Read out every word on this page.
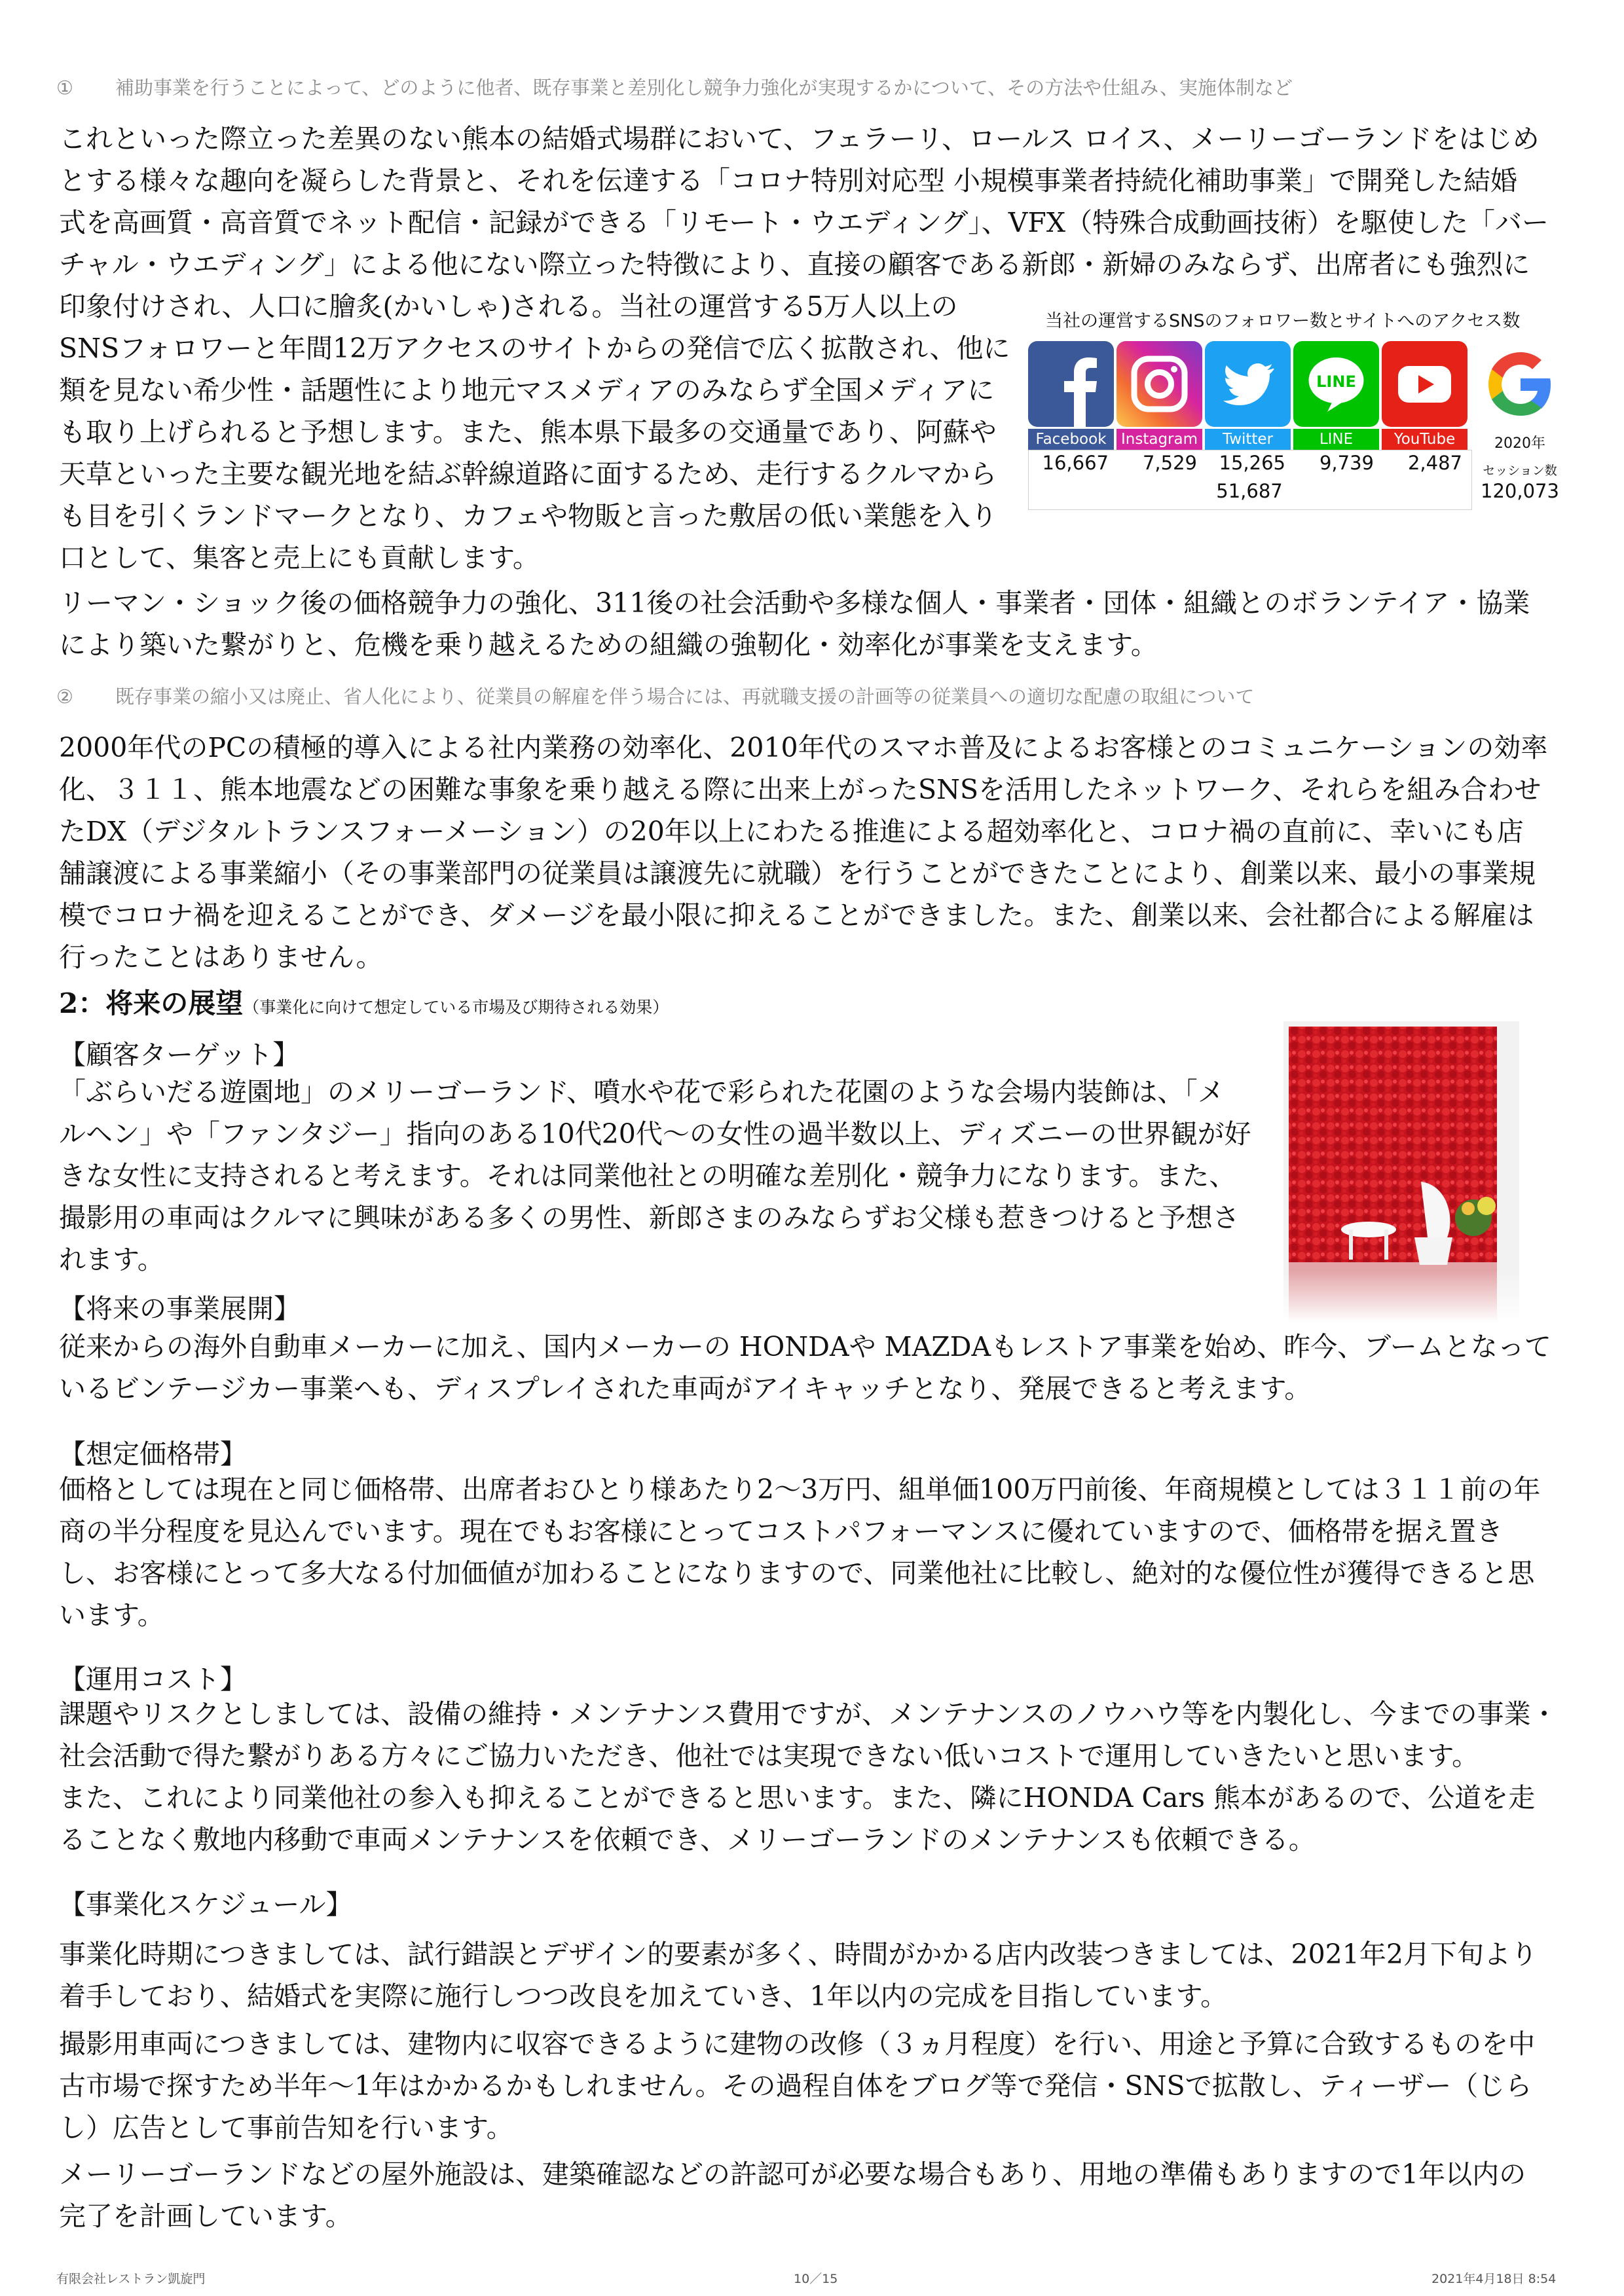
① 補助事業を行うことによって、どのように他者、既存事業と差別化し競争力強化が実現するかについて、その方法や仕組み、実施体制など
これといった際立った差異のない熊本の結婚式場群において、フェラーリ、ロールス ロイス、メーリーゴーランドをはじめ
とする様々な趣向を凝らした背景と、それを伝達する「コロナ特別対応型 小規模事業者持続化補助事業」で開発した結婚
式を高画質・高音質でネット配信・記録ができる「リモート・ウエディング」、VFX（特殊合成動画技術）を駆使した「バー
チャル・ウエディング」による他にない際立った特徴により、直接の顧客である新郎・新婦のみならず、出席者にも強烈に
印象付けされ、人口に膾炙(かいしゃ)される。当社の運営する5万人以上の
SNSフォロワーと年間12万アクセスのサイトからの発信で広く拡散され、他に
類を見ない希少性・話題性により地元マスメディアのみならず全国メディアに
も取り上げられると予想します。また、熊本県下最多の交通量であり、阿蘇や
天草といった主要な観光地を結ぶ幹線道路に面するため、走行するクルマから
も目を引くランドマークとなり、カフェや物販と言った敷居の低い業態を入り
口として、集客と売上にも貢献します。
当社の運営するSNSのフォロワー数とサイトへのアクセス数
Facebook
16,667
Instagram
7,529
Twitter
15,265
LINE
LINE
9,739
YouTube
2,487
2020年
セッション数
120,073
51,687
リーマン・ショック後の価格競争力の強化、311後の社会活動や多様な個人・事業者・団体・組織とのボランテイア・協業
により築いた繋がりと、危機を乗り越えるための組織の強靭化・効率化が事業を支えます。
② 既存事業の縮小又は廃止、省人化により、従業員の解雇を伴う場合には、再就職支援の計画等の従業員への適切な配慮の取組について
2000年代のPCの積極的導入による社内業務の効率化、2010年代のスマホ普及によるお客様とのコミュニケーションの効率
化、３１１、熊本地震などの困難な事象を乗り越える際に出来上がったSNSを活用したネットワーク、それらを組み合わせ
たDX（デジタルトランスフォーメーション）の20年以上にわたる推進による超効率化と、コロナ禍の直前に、幸いにも店
舗譲渡による事業縮小（その事業部門の従業員は譲渡先に就職）を行うことができたことにより、創業以来、最小の事業規
模でコロナ禍を迎えることができ、ダメージを最小限に抑えることができました。また、創業以来、会社都合による解雇は
行ったことはありません。
2：将来の展望（事業化に向けて想定している市場及び期待される効果）
【顧客ターゲット】
「ぶらいだる遊園地」のメリーゴーランド、噴水や花で彩られた花園のような会場内装飾は、「メ
ルヘン」や「ファンタジー」指向のある10代20代〜の女性の過半数以上、ディズニーの世界観が好
きな女性に支持されると考えます。それは同業他社との明確な差別化・競争力になります。また、
撮影用の車両はクルマに興味がある多くの男性、新郎さまのみならずお父様も惹きつけると予想さ
れます。
【将来の事業展開】
従来からの海外自動車メーカーに加え、国内メーカーの HONDAや MAZDAもレストア事業を始め、昨今、ブームとなって
いるビンテージカー事業へも、ディスプレイされた車両がアイキャッチとなり、発展できると考えます。
【想定価格帯】
価格としては現在と同じ価格帯、出席者おひとり様あたり2〜3万円、組単価100万円前後、年商規模としては３１１前の年
商の半分程度を見込んでいます。現在でもお客様にとってコストパフォーマンスに優れていますので、価格帯を据え置き
し、お客様にとって多大なる付加価値が加わることになりますので、同業他社に比較し、絶対的な優位性が獲得できると思
います。
【運用コスト】
課題やリスクとしましては、設備の維持・メンテナンス費用ですが、メンテナンスのノウハウ等を内製化し、今までの事業・
社会活動で得た繋がりある方々にご協力いただき、他社では実現できない低いコストで運用していきたいと思います。
また、これにより同業他社の参入も抑えることができると思います。また、隣にHONDA Cars 熊本があるので、公道を走
ることなく敷地内移動で車両メンテナンスを依頼でき、メリーゴーランドのメンテナンスも依頼できる。
【事業化スケジュール】
事業化時期につきましては、試行錯誤とデザイン的要素が多く、時間がかかる店内改装つきましては、2021年2月下旬より
着手しており、結婚式を実際に施行しつつ改良を加えていき、1年以内の完成を目指しています。
撮影用車両につきましては、建物内に収容できるように建物の改修（３ヵ月程度）を行い、用途と予算に合致するものを中
古市場で探すため半年〜1年はかかるかもしれません。その過程自体をブログ等で発信・SNSで拡散し、ティーザー（じら
し）広告として事前告知を行います。
メーリーゴーランドなどの屋外施設は、建築確認などの許認可が必要な場合もあり、用地の準備もありますので1年以内の
完了を計画しています。
有限会社レストラン凱旋門	10／15	2021年4月18日 8:54
